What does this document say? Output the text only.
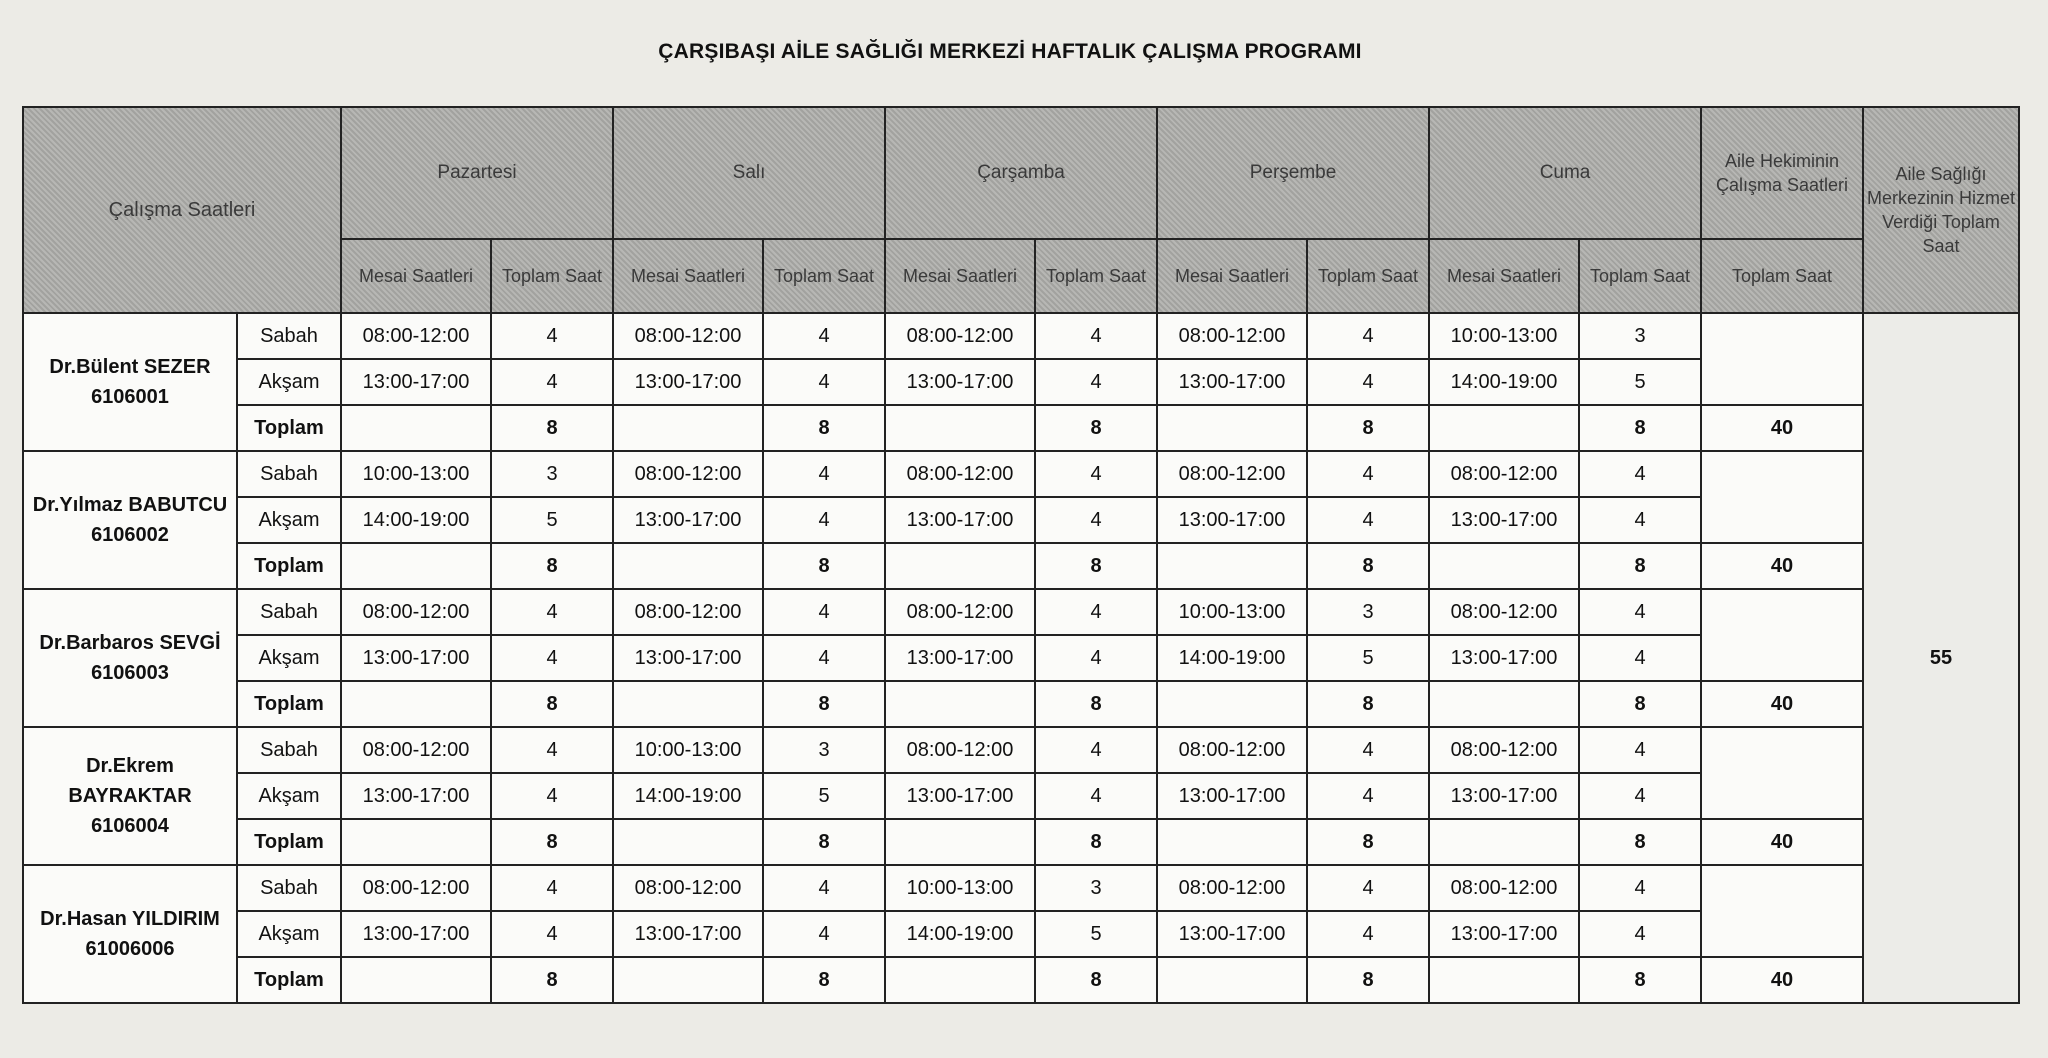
ÇARŞIBAŞI AİLE SAĞLIĞI MERKEZİ HAFTALIK ÇALIŞMA PROGRAMI
Çalışma Saatleri		Pazartesi		Salı		Çarşamba		Perşembe		Cuma		Aile Hekiminin Çalışma Saatleri	Aile Sağlığı Merkezinin Hizmet Verdiği Toplam Saat
		Mesai Saatleri	Toplam Saat	Mesai Saatleri	Toplam Saat	Mesai Saatleri	Toplam Saat	Mesai Saatleri	Toplam Saat	Mesai Saatleri	Toplam Saat	Toplam Saat	

Dr.Bülent SEZER
6106001	Sabah	08:00-12:00	4	08:00-12:00	4	08:00-12:00	4	08:00-12:00	4	10:00-13:00	3		55
	Akşam	13:00-17:00	4	13:00-17:00	4	13:00-17:00	4	13:00-17:00	4	14:00-19:00	5		
	Toplam		8		8		8		8		8	40	

Dr.Yılmaz BABUTCU
6106002	Sabah	10:00-13:00	3	08:00-12:00	4	08:00-12:00	4	08:00-12:00	4	08:00-12:00	4		
	Akşam	14:00-19:00	5	13:00-17:00	4	13:00-17:00	4	13:00-17:00	4	13:00-17:00	4		
	Toplam		8		8		8		8		8	40	

Dr.Barbaros SEVGİ
6106003	Sabah	08:00-12:00	4	08:00-12:00	4	08:00-12:00	4	10:00-13:00	3	08:00-12:00	4		
	Akşam	13:00-17:00	4	13:00-17:00	4	13:00-17:00	4	14:00-19:00	5	13:00-17:00	4		
	Toplam		8		8		8		8		8	40	

Dr.Ekrem BAYRAKTAR
6106004	Sabah	08:00-12:00	4	10:00-13:00	3	08:00-12:00	4	08:00-12:00	4	08:00-12:00	4		
	Akşam	13:00-17:00	4	14:00-19:00	5	13:00-17:00	4	13:00-17:00	4	13:00-17:00	4		
	Toplam		8		8		8		8		8	40	

Dr.Hasan YILDIRIM
61006006	Sabah	08:00-12:00	4	08:00-12:00	4	10:00-13:00	3	08:00-12:00	4	08:00-12:00	4		
	Akşam	13:00-17:00	4	13:00-17:00	4	14:00-19:00	5	13:00-17:00	4	13:00-17:00	4		
	Toplam		8		8		8		8		8	40	
